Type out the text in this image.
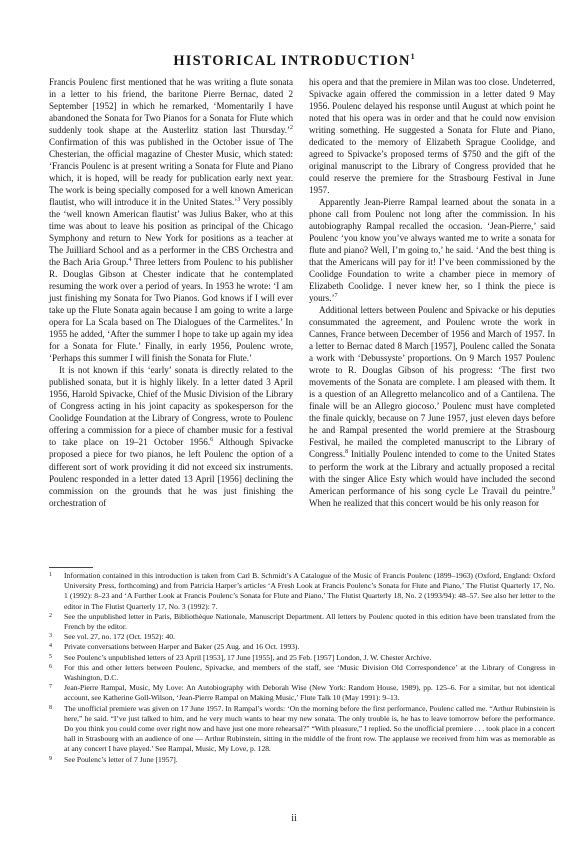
HISTORICAL INTRODUCTION$^1$

Francis Poulenc first mentioned that he was writing a flute sonata in a letter to his friend, the baritone Pierre Bernac, dated 2 September [1952] in which he remarked, ‘Momentarily I have abandoned the Sonata for Two Pianos for a Sonata for Flute which suddenly took shape at the Austerlitz station last Thursday.’$^2$ Confirmation of this was published in the October issue of The Chesterian, the official magazine of Chester Music, which stated: ‘Francis Poulenc is at present writing a Sonata for Flute and Piano which, it is hoped, will be ready for publication early next year. The work is being specially composed for a well known American flautist, who will introduce it in the United States.’$^3$ Very possibly the ‘well known American flautist’ was Julius Baker, who at this time was about to leave his position as principal of the Chicago Symphony and return to New York for positions as a teacher at The Juilliard School and as a performer in the CBS Orchestra and the Bach Aria Group.$^4$ Three letters from Poulenc to his publisher R. Douglas Gibson at Chester indicate that he contemplated resuming the work over a period of years. In 1953 he wrote: ‘I am just finishing my Sonata for Two Pianos. God knows if I will ever take up the Flute Sonata again because I am going to write a large opera for La Scala based on The Dialogues of the Carmelites.’ In 1955 he added, ‘After the summer I hope to take up again my idea for a Sonata for Flute.’ Finally, in early 1956, Poulenc wrote, ‘Perhaps this summer I will finish the Sonata for Flute.’

It is not known if this ‘early’ sonata is directly related to the published sonata, but it is highly likely. In a letter dated 3 April 1956, Harold Spivacke, Chief of the Music Division of the Library of Congress acting in his joint capacity as spokesperson for the Coolidge Foundation at the Library of Congress, wrote to Poulenc offering a commission for a piece of chamber music for a festival to take place on 19–21 October 1956.$^6$ Although Spivacke proposed a piece for two pianos, he left Poulenc the option of a different sort of work providing it did not exceed six instruments. Poulenc responded in a letter dated 13 April [1956] declining the commission on the grounds that he was just finishing the orchestration of

his opera and that the premiere in Milan was too close. Undeterred, Spivacke again offered the commission in a letter dated 9 May 1956. Poulenc delayed his response until August at which point he noted that his opera was in order and that he could now envision writing something. He suggested a Sonata for Flute and Piano, dedicated to the memory of Elizabeth Sprague Coolidge, and agreed to Spivacke’s proposed terms of $750 and the gift of the original manuscript to the Library of Congress provided that he could reserve the premiere for the Strasbourg Festival in June 1957.

Apparently Jean-Pierre Rampal learned about the sonata in a phone call from Poulenc not long after the commission. In his autobiography Rampal recalled the occasion. ‘Jean-Pierre,’ said Poulenc ‘you know you’ve always wanted me to write a sonata for flute and piano? Well, I’m going to,’ he said. ‘And the best thing is that the Americans will pay for it! I’ve been commissioned by the Coolidge Foundation to write a chamber piece in memory of Elizabeth Coolidge. I never knew her, so I think the piece is yours.’$^7$

Additional letters between Poulenc and Spivacke or his deputies consummated the agreement, and Poulenc wrote the work in Cannes, France between December of 1956 and March of 1957. In a letter to Bernac dated 8 March [1957], Poulenc called the Sonata a work with ‘Debussyste’ proportions. On 9 March 1957 Poulenc wrote to R. Douglas Gibson of his progress: ‘The first two movements of the Sonata are complete. I am pleased with them. It is a question of an Allegretto melancolico and of a Cantilena. The finale will be an Allegro giocoso.’ Poulenc must have completed the finale quickly, because on 7 June 1957, just eleven days before he and Rampal presented the world premiere at the Strasbourg Festival, he mailed the completed manuscript to the Library of Congress.$^8$ Initially Poulenc intended to come to the United States to perform the work at the Library and actually proposed a recital with the singer Alice Esty which would have included the second American performance of his song cycle Le Travail du peintre.$^9$ When he realized that this concert would be his only reason for

1 Information contained in this introduction is taken from Carl B. Schmidt’s A Catalogue of the Music of Francis Poulenc (1899–1963) (Oxford, England: Oxford University Press, forthcoming) and from Patricia Harper’s articles ‘A Fresh Look at Francis Poulenc’s Sonata for Flute and Piano,’ The Flutist Quarterly 17, No. 1 (1992): 8–23 and ‘A Further Look at Francis Poulenc’s Sonata for Flute and Piano,’ The Flutist Quarterly 18, No. 2 (1993/94): 48–57. See also her letter to the editor in The Flutist Quarterly 17, No. 3 (1992): 7.
2 See the unpublished letter in Paris, Bibliothèque Nationale, Manuscript Department. All letters by Poulenc quoted in this edition have been translated from the French by the editor.
3 See vol. 27, no. 172 (Oct. 1952): 40.
4 Private conversations between Harper and Baker (25 Aug. and 16 Oct. 1993).
5 See Poulenc’s unpublished letters of 23 April [1953], 17 June [1955], and 25 Feb. [1957] London, J. W. Chester Archive.
6 For this and other letters between Poulenc, Spivacke, and members of the staff, see ‘Music Division Old Correspondence’ at the Library of Congress in Washington, D.C.
7 Jean-Pierre Rampal, Music, My Love: An Autobiography with Deborah Wise (New York: Random House, 1989), pp. 125–6. For a similar, but not identical account, see Katherine Goll-Wilson, ‘Jean-Pierre Rampal on Making Music,’ Flute Talk 10 (May 1991): 9–13.
8 The unofficial premiere was given on 17 June 1957. In Rampal’s words: ‘On the morning before the first performance, Poulenc called me. “Arthur Rubinstein is here,” he said. “I’ve just talked to him, and he very much wants to hear my new sonata. The only trouble is, he has to leave tomorrow before the performance. Do you think you could come over right now and have just one more rehearsal?” “With pleasure,” I replied. So the unofficial premiere . . . took place in a concert hall in Strasbourg with an audience of one — Arthur Rubinstein, sitting in the middle of the front row. The applause we received from him was as memorable as at any concert I have played.’ See Rampal, Music, My Love, p. 128.
9 See Poulenc’s letter of 7 June [1957].
ii
